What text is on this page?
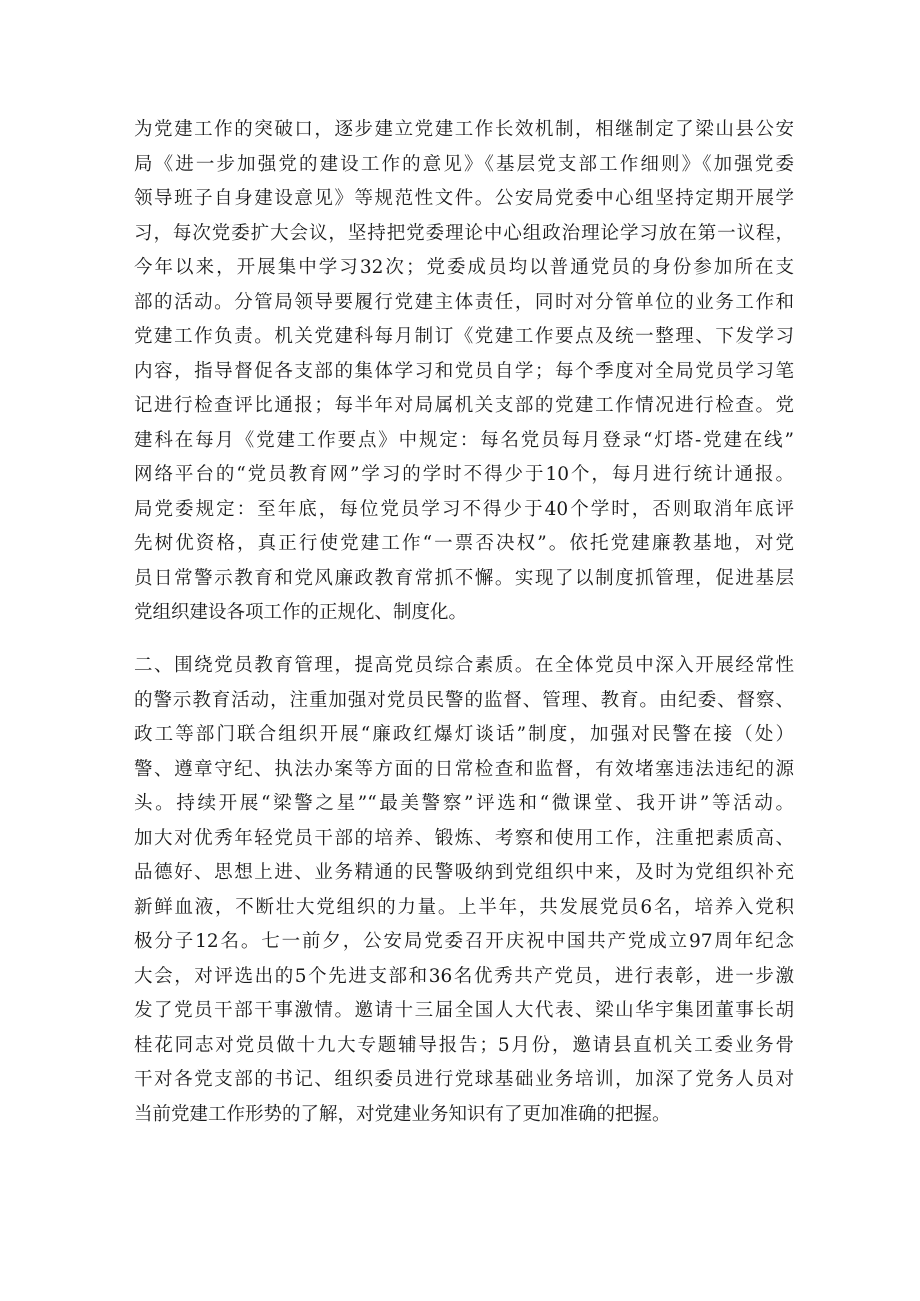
为党建工作的突破口，逐步建立党建工作长效机制，相继制定了梁山县公安
局《进一步加强党的建设工作的意见》《基层党支部工作细则》《加强党委
领导班子自身建设意见》等规范性文件。公安局党委中心组坚持定期开展学
习，每次党委扩大会议，坚持把党委理论中心组政治理论学习放在第一议程，
今年以来，开展集中学习32次；党委成员均以普通党员的身份参加所在支
部的活动。分管局领导要履行党建主体责任，同时对分管单位的业务工作和
党建工作负责。机关党建科每月制订《党建工作要点及统一整理、下发学习
内容，指导督促各支部的集体学习和党员自学；每个季度对全局党员学习笔
记进行检查评比通报；每半年对局属机关支部的党建工作情况进行检查。党
建科在每月《党建工作要点》中规定：每名党员每月登录“灯塔-党建在线”
网络平台的“党员教育网”学习的学时不得少于10个，每月进行统计通报。
局党委规定：至年底，每位党员学习不得少于40个学时，否则取消年底评
先树优资格，真正行使党建工作“一票否决权”。依托党建廉教基地，对党
员日常警示教育和党风廉政教育常抓不懈。实现了以制度抓管理，促进基层
党组织建设各项工作的正规化、制度化。
二、围绕党员教育管理，提高党员综合素质。在全体党员中深入开展经常性
的警示教育活动，注重加强对党员民警的监督、管理、教育。由纪委、督察、
政工等部门联合组织开展“廉政红爆灯谈话”制度，加强对民警在接（处）
警、遵章守纪、执法办案等方面的日常检查和监督，有效堵塞违法违纪的源
头。持续开展“梁警之星”“最美警察”评选和“微课堂、我开讲”等活动。
加大对优秀年轻党员干部的培养、锻炼、考察和使用工作，注重把素质高、
品德好、思想上进、业务精通的民警吸纳到党组织中来，及时为党组织补充
新鲜血液，不断壮大党组织的力量。上半年，共发展党员6名，培养入党积
极分子12名。七一前夕，公安局党委召开庆祝中国共产党成立97周年纪念
大会，对评选出的5个先进支部和36名优秀共产党员，进行表彰，进一步激
发了党员干部干事激情。邀请十三届全国人大代表、梁山华宇集团董事长胡
桂花同志对党员做十九大专题辅导报告；5月份，邀请县直机关工委业务骨
干对各党支部的书记、组织委员进行党球基础业务培训，加深了党务人员对
当前党建工作形势的了解，对党建业务知识有了更加准确的把握。
